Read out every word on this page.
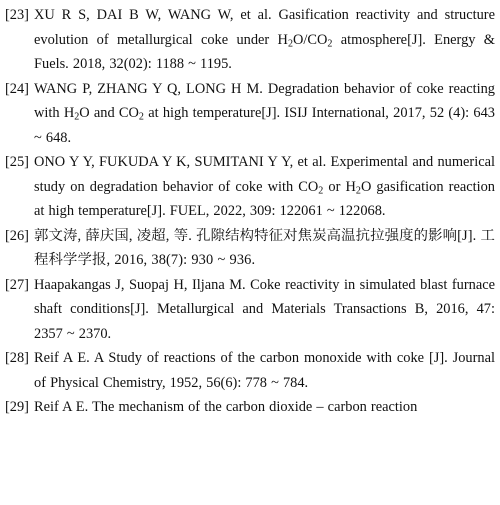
[23] XU R S, DAI B W, WANG W, et al. Gasification reactivity and structure evolution of metallurgical coke under $H_2O/CO_2$ atmosphere[J]. Energy & Fuels. 2018, 32(02): 1188 ~ 1195.
[24] WANG P, ZHANG Y Q, LONG H M. Degradation behavior of coke reacting with $H_2O$ and $CO_2$ at high temperature[J]. ISIJ International, 2017, 52 (4): 643 ~ 648.
[25] ONO Y Y, FUKUDA Y K, SUMITANI Y Y, et al. Experimental and numerical study on degradation behavior of coke with $CO_2$ or $H_2O$ gasification reaction at high temperature[J]. FUEL, 2022, 309: 122061 ~ 122068.
[26] 郭文涛, 薛庆国, 凌超, 等. 孔隙结构特征对焦炭高温抗拉强度的影响[J]. 工程科学学报, 2016, 38(7): 930 ~ 936.
[27] Haapakangas J, Suopaj H, Iljana M. Coke reactivity in simulated blast furnace shaft conditions[J]. Metallurgical and Materials Transactions B, 2016, 47: 2357 ~ 2370.
[28] Reif A E. A Study of reactions of the carbon monoxide with coke [J]. Journal of Physical Chemistry, 1952, 56(6): 778 ~ 784.
[29] Reif A E. The mechanism of the carbon dioxide – carbon reaction
